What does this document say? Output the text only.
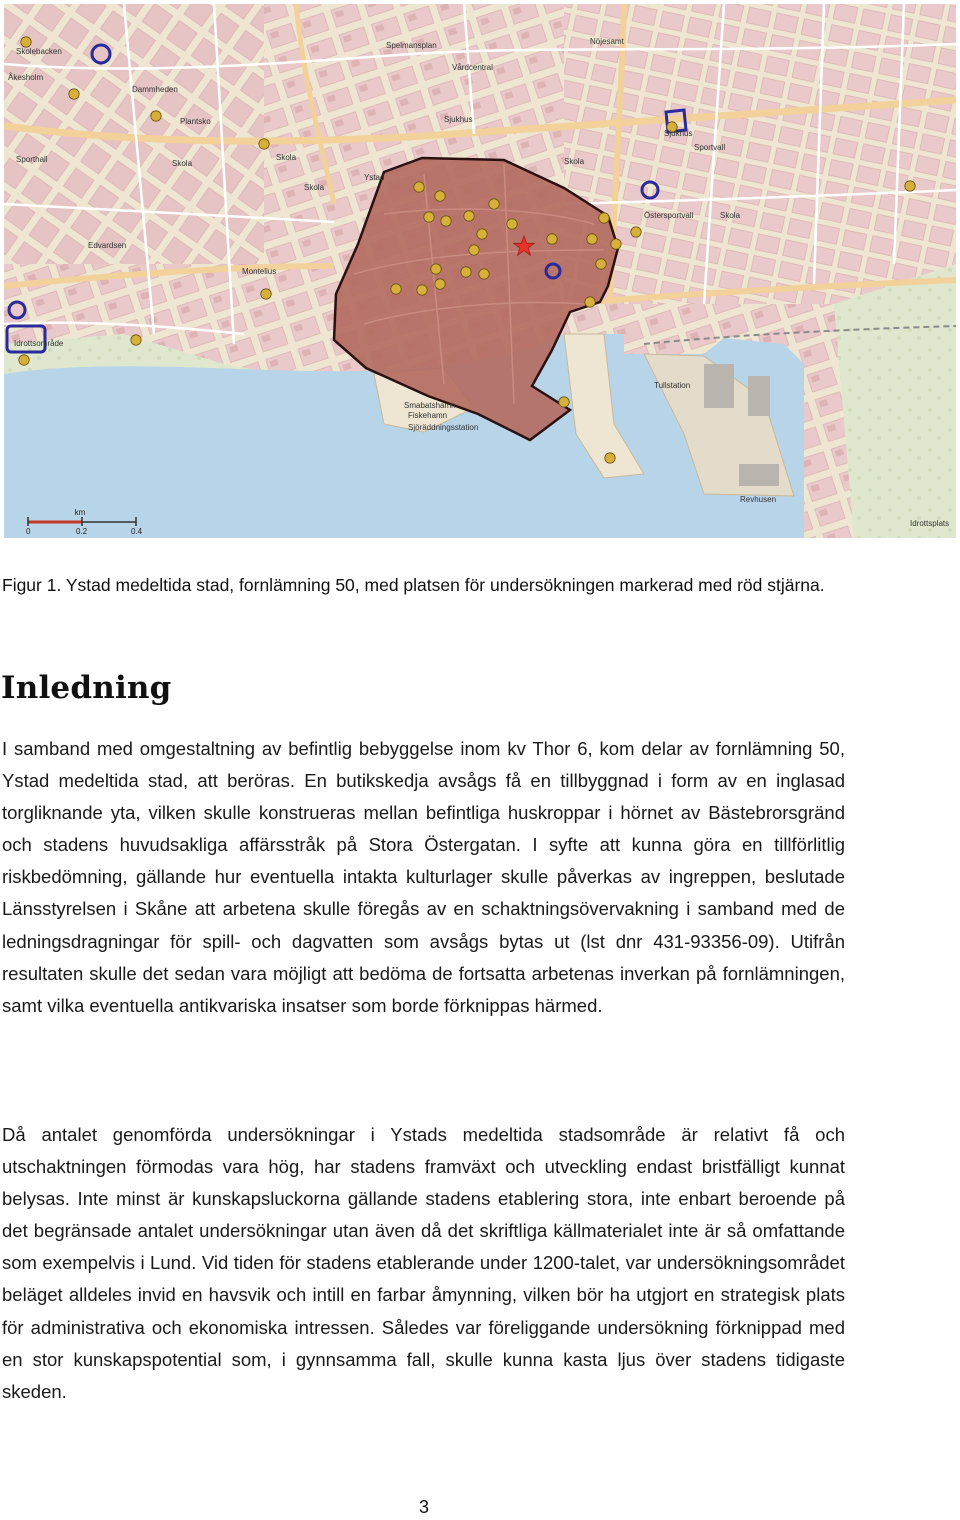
Åkesholm
Dammheden
Skolebacken
Plantsko
Sporthall	Skola
Spelmansplan
Vårdcentral
Sjukhus
Nöjesamt
Sportvall
Skola
Edvardsen
Montelius
Skola
Idrottsområde
Smabatshamn
Fiskehamn
Sjöräddningsstation
Tullstation
Revhusen
Idrottsplats
Östersportvall
Ystad
Skola
Sjukhus
Skola
km
0	0.2	0.4
Figur 1. Ystad medeltida stad, fornlämning 50, med platsen för undersökningen markerad med röd stjärna.
Inledning

I samband med omgestaltning av befintlig bebyggelse inom kv Thor 6, kom delar av fornlämning 50, Ystad medeltida stad, att beröras. En butikskedja avsågs få en tillbyggnad i form av en inglasad torgliknande yta, vilken skulle konstrueras mellan befintliga huskroppar i hörnet av Bästebrorsgränd och stadens huvudsakliga affärsstråk på Stora Östergatan. I syfte att kunna göra en tillförlitlig riskbedömning, gällande hur eventuella intakta kulturlager skulle påverkas av ingreppen, beslutade Länsstyrelsen i Skåne att arbetena skulle föregås av en schaktningsövervakning i samband med de ledningsdragningar för spill- och dagvatten som avsågs bytas ut (lst dnr 431-93356-09). Utifrån resultaten skulle det sedan vara möjligt att bedöma de fortsatta arbetenas inverkan på fornlämningen, samt vilka eventuella antikvariska insatser som borde förknippas härmed.

Då antalet genomförda undersökningar i Ystads medeltida stadsområde är relativt få och utschaktningen förmodas vara hög, har stadens framväxt och utveckling endast bristfälligt kunnat belysas. Inte minst är kunskapsluckorna gällande stadens etablering stora, inte enbart beroende på det begränsade antalet undersökningar utan även då det skriftliga källmaterialet inte är så omfattande som exempelvis i Lund. Vid tiden för stadens etablerande under 1200-talet, var undersökningsområdet beläget alldeles invid en havsvik och intill en farbar åmynning, vilken bör ha utgjort en strategisk plats för administrativa och ekonomiska intressen. Således var föreliggande undersökning förknippad med en stor kunskapspotential som, i gynnsamma fall, skulle kunna kasta ljus över stadens tidigaste skeden.

3
